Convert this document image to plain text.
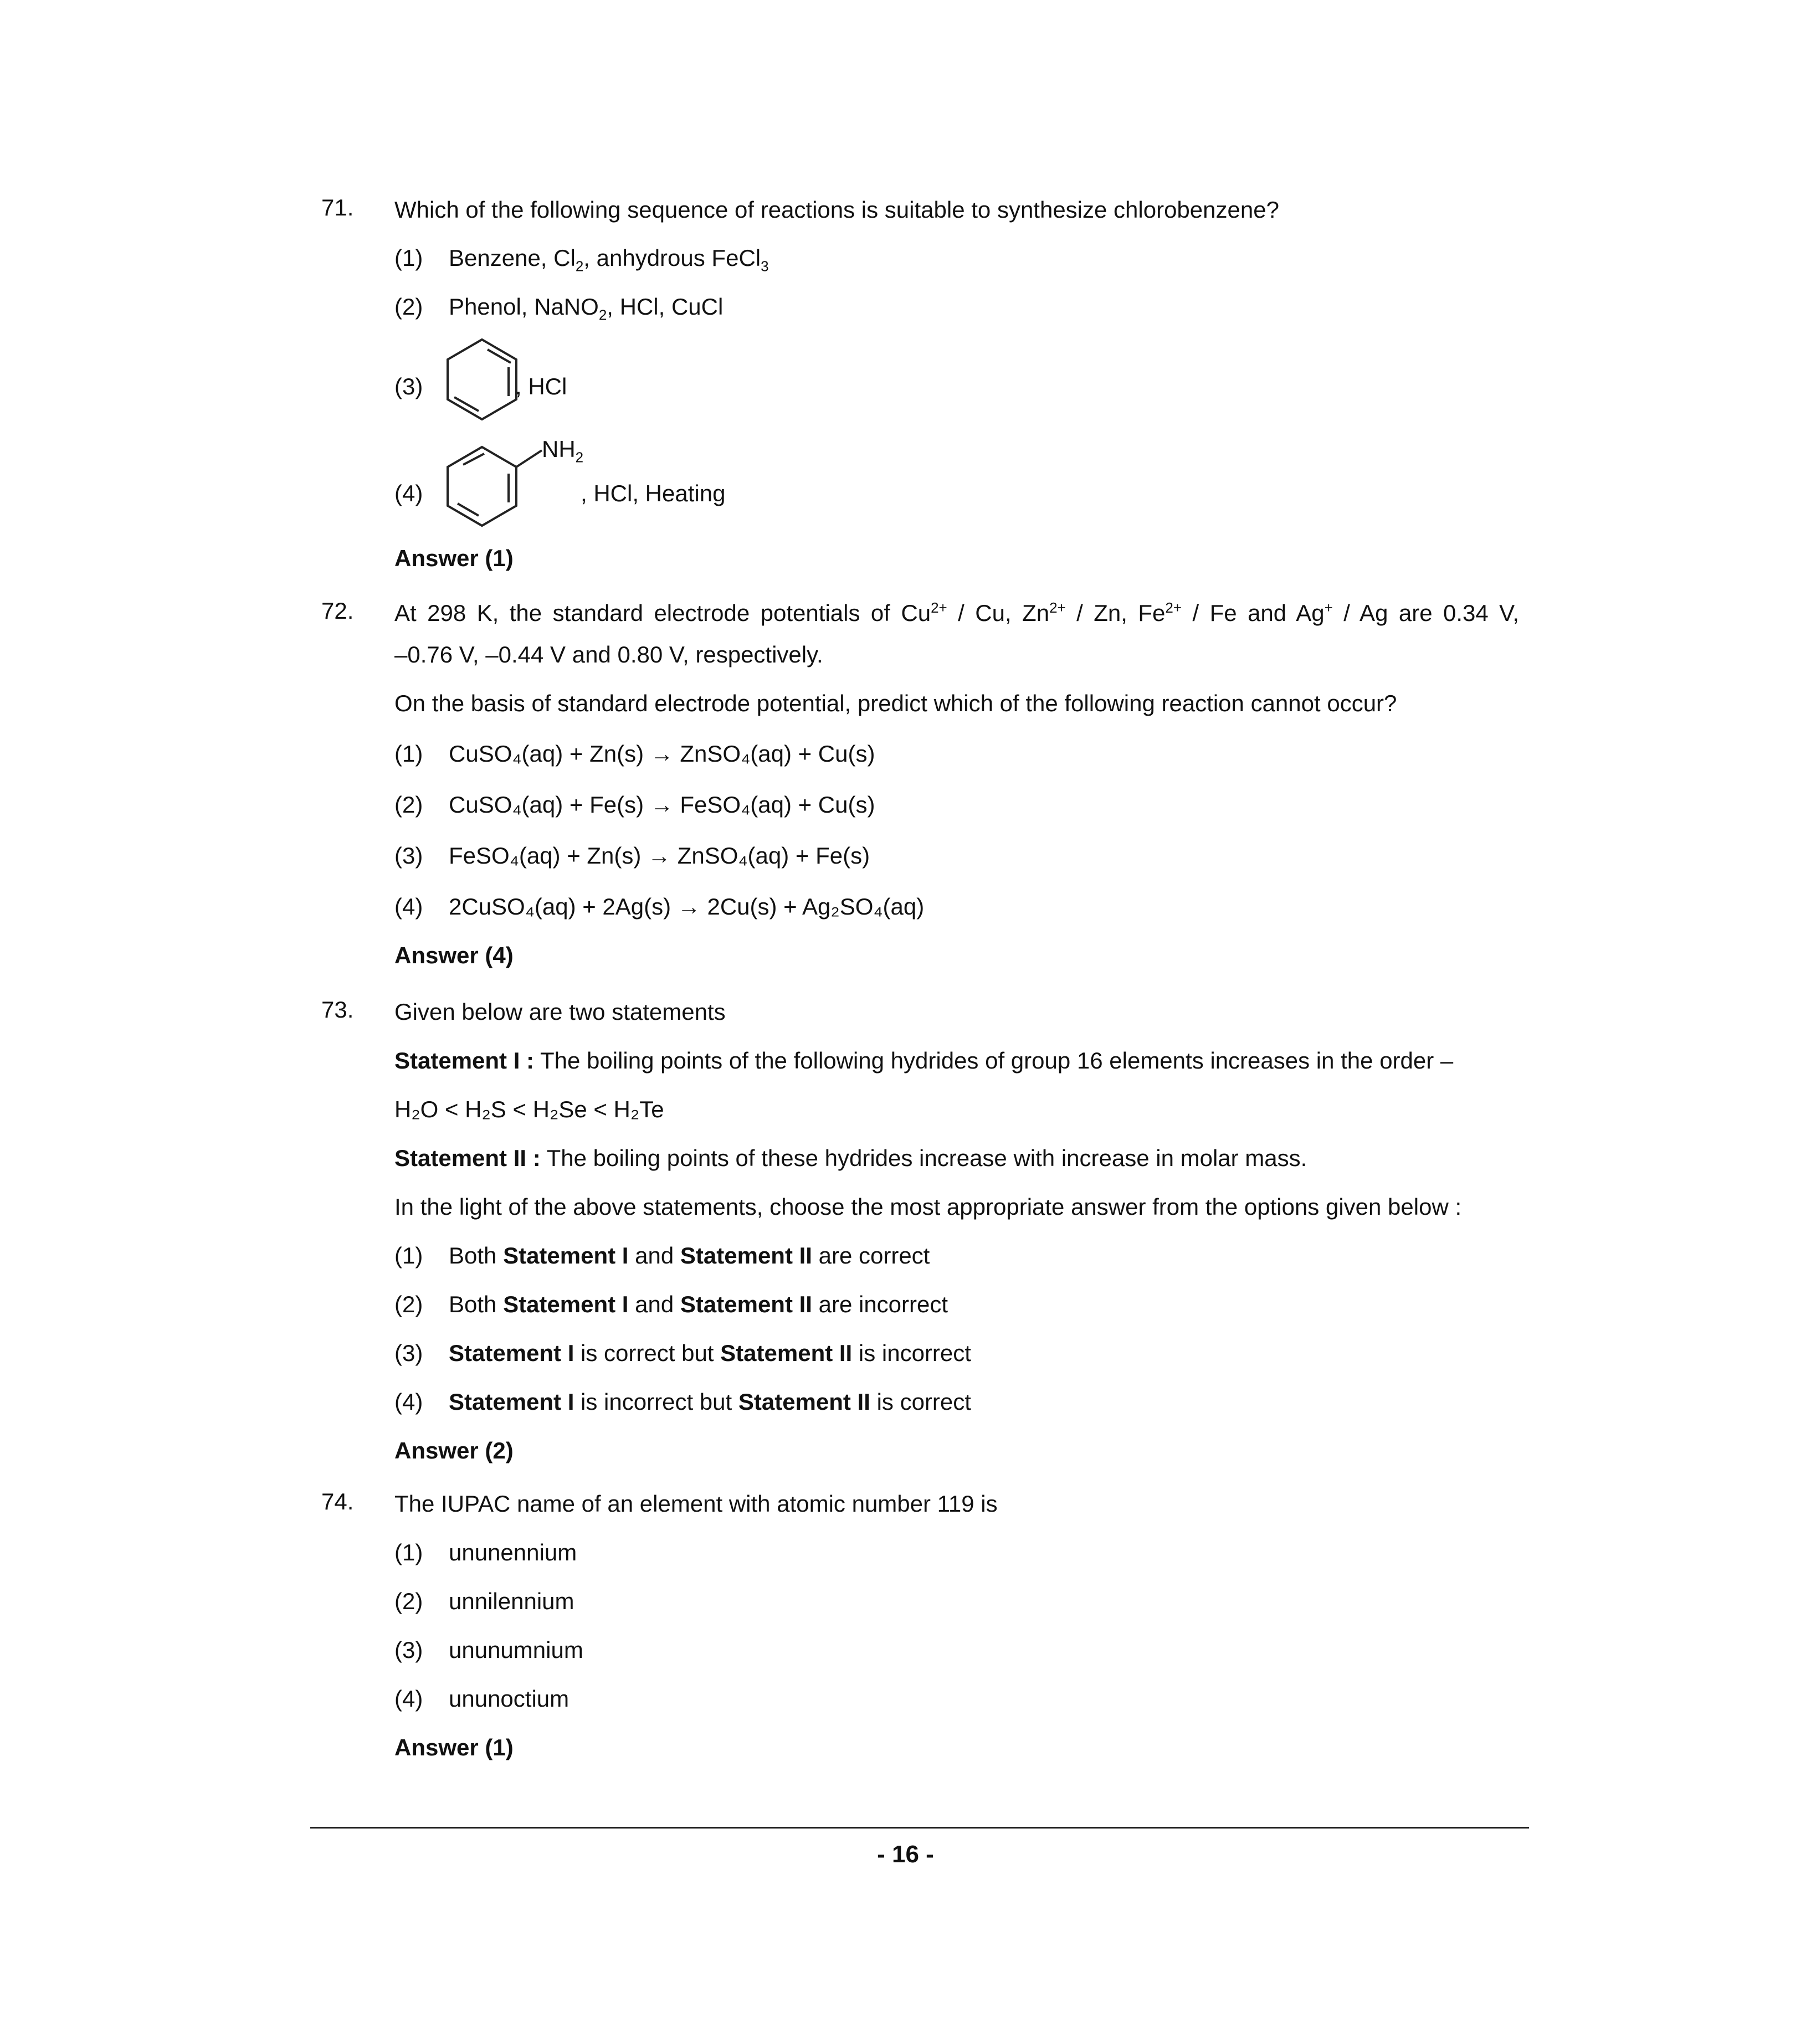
71. Which of the following sequence of reactions is suitable to synthesize chlorobenzene?
(1) Benzene, $Cl_2$, anhydrous FeCl$_3$
(2) Phenol, NaNO$_2$, HCl, CuCl
(3)	, HCl
(4)
$NH_2$
, HCl, Heating
Answer (1)
72. At 298 K, the standard electrode potentials of $Cu^{2+}$ / Cu, $Zn^{2+}$ / Zn, $Fe^{2+}$ / Fe and Ag+ / Ag are 0.34 V,
–0.76 V, –0.44 V and 0.80 V, respectively.
On the basis of standard electrode potential, predict which of the following reaction cannot occur?
(1) CuSO₄(aq) + Zn(s) → ZnSO₄(aq) + Cu(s)
(2) CuSO₄(aq) + Fe(s) → FeSO₄(aq) + Cu(s)
(3) FeSO₄(aq) + Zn(s) → ZnSO₄(aq) + Fe(s)
(4) 2CuSO₄(aq) + 2Ag(s) → 2Cu(s) + Ag₂SO₄(aq)
Answer (4)
73. Given below are two statements
Statement I : The boiling points of the following hydrides of group 16 elements increases in the order –
H₂O < H₂S < H₂Se < H₂Te
Statement II : The boiling points of these hydrides increase with increase in molar mass.
In the light of the above statements, choose the most appropriate answer from the options given below :
(1) Both Statement I and Statement II are correct
(2) Both Statement I and Statement II are incorrect
(3) Statement I is correct but Statement II is incorrect
(4) Statement I is incorrect but Statement II is correct
Answer (2)
74. The IUPAC name of an element with atomic number 119 is
(1) ununennium
(2) unnilennium
(3) ununumnium
(4) ununoctium
Answer (1)
- 16 -
